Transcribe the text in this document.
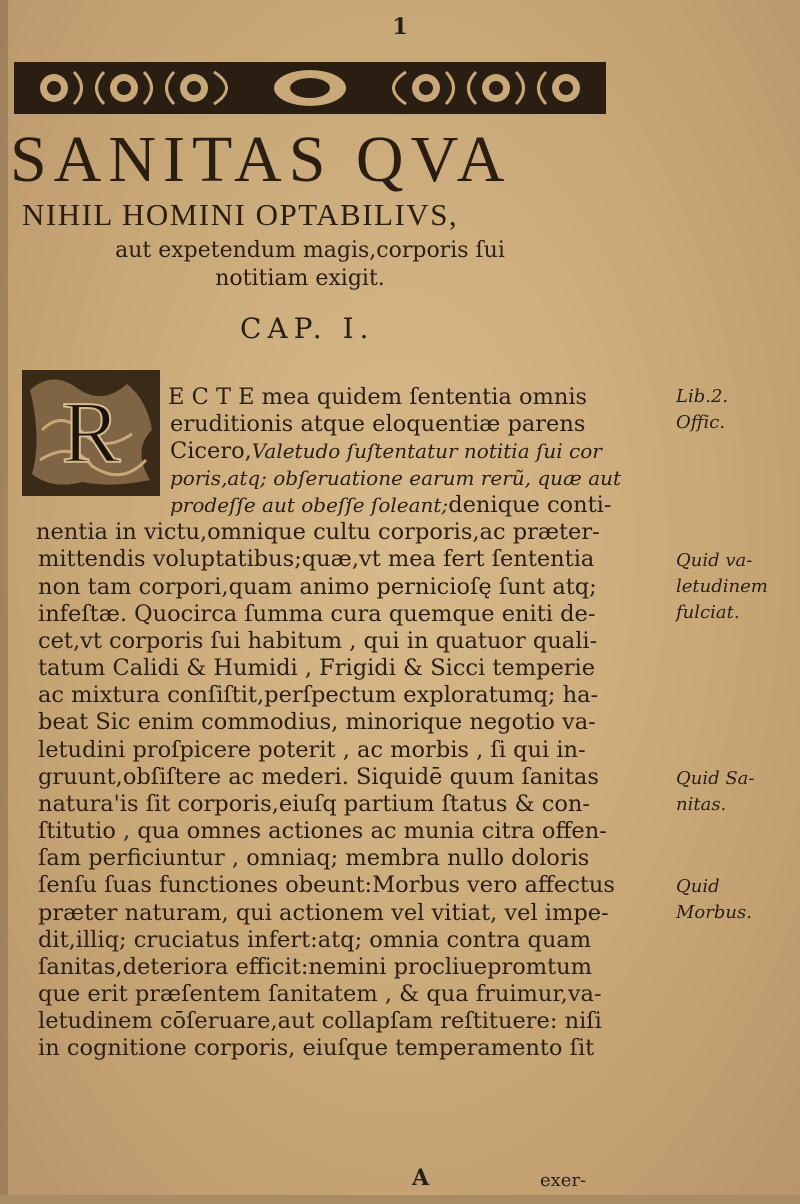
1
SANITAS QVA
NIHIL HOMINI OPTABILIVS,
aut expetendum magis,corporis ſui
notitiam exigit.
CAP. I.
R E C T E mea quidem ſententia omnis
eruditionis atque eloquentiæ parens
Cicero,Valetudo ſuſtentatur notitia ſui cor
poris,atq; obſeruatione earum rerũ, quæ aut
prodeſſe aut obeſſe ſoleant;denique conti-
nentia in victu,omnique cultu corporis,ac præter-
mittendis voluptatibus;quæ,vt mea fert ſententia
non tam corpori,quam animo pernicioſę ſunt atq;
infeſtæ. Quocirca ſumma cura quemque eniti de-
cet,vt corporis ſui habitum , qui in quatuor quali-
tatum Calidi & Humidi , Frigidi & Sicci temperie
ac mixtura conſiſtit,perſpectum exploratumq; ha-
beat Sic enim commodius, minorique negotio va-
letudini proſpicere poterit , ac morbis , ſi qui in-
gruunt,obſiſtere ac mederi. Siquidē quum ſanitas
natura'is ſit corporis,eiuſq partium ſtatus & con-
ſtitutio , qua omnes actiones ac munia citra offen-
ſam perficiuntur , omniaq; membra nullo doloris
ſenſu ſuas functiones obeunt:Morbus vero affectus
præter naturam, qui actionem vel vitiat, vel impe-
dit,illiq; cruciatus infert:atq; omnia contra quam
ſanitas,deteriora efficit:nemini procliuepromtum
que erit præſentem ſanitatem , & qua fruimur,va-
letudinem cōſeruare,aut collapſam reſtituere: niſi
in cognitione corporis, eiuſque temperamento ſit
Lib.2.
Offic.
Quid va-
letudinem
fulciat.
Quid Sa-
nitas.
Quid
Morbus.
A	exer-
